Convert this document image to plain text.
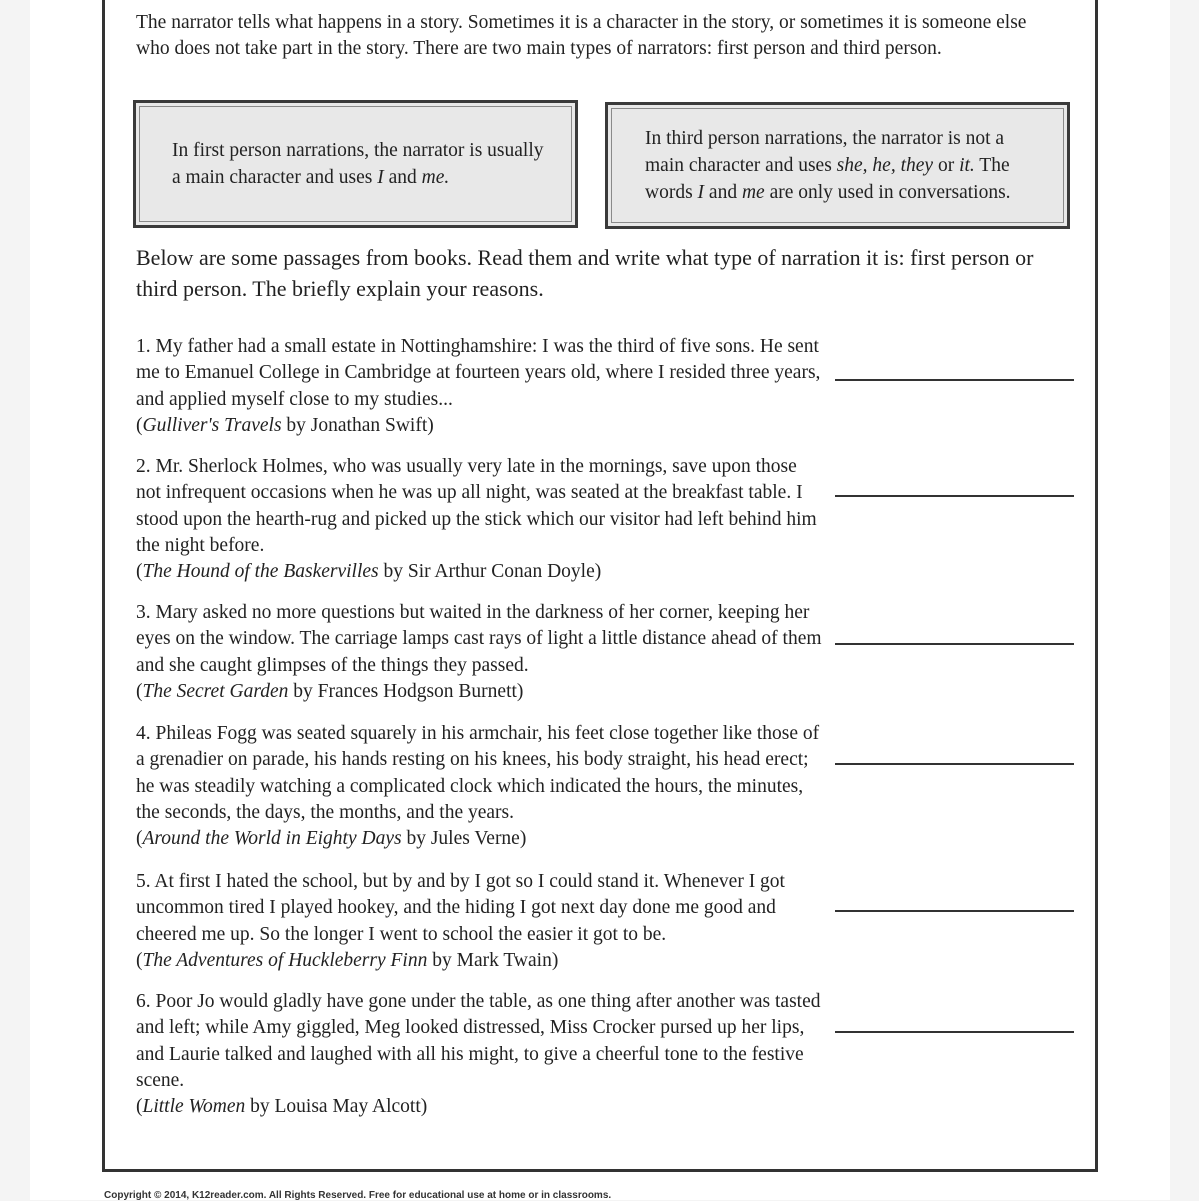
The narrator tells what happens in a story. Sometimes it is a character in the story, or sometimes it is someone else who does not take part in the story. There are two main types of narrators: first person and third person.

In first person narrations, the narrator is usually a main character and uses I and me.

In third person narrations, the narrator is not a main character and uses she, he, they or it. The words I and me are only used in conversations.

Below are some passages from books. Read them and write what type of narration it is: first person or third person. The briefly explain your reasons.

1. My father had a small estate in Nottinghamshire: I was the third of five sons. He sent me to Emanuel College in Cambridge at fourteen years old, where I resided three years, and applied myself close to my studies...

(Gulliver's Travels by Jonathan Swift)

2. Mr. Sherlock Holmes, who was usually very late in the mornings, save upon those not infrequent occasions when he was up all night, was seated at the breakfast table. I stood upon the hearth-rug and picked up the stick which our visitor had left behind him the night before.

(The Hound of the Baskervilles by Sir Arthur Conan Doyle)

3. Mary asked no more questions but waited in the darkness of her corner, keeping her eyes on the window. The carriage lamps cast rays of light a little distance ahead of them and she caught glimpses of the things they passed.

(The Secret Garden by Frances Hodgson Burnett)

4. Phileas Fogg was seated squarely in his armchair, his feet close together like those of a grenadier on parade, his hands resting on his knees, his body straight, his head erect; he was steadily watching a complicated clock which indicated the hours, the minutes, the seconds, the days, the months, and the years.

(Around the World in Eighty Days by Jules Verne)

5. At first I hated the school, but by and by I got so I could stand it. Whenever I got uncommon tired I played hookey, and the hiding I got next day done me good and cheered me up. So the longer I went to school the easier it got to be.

(The Adventures of Huckleberry Finn by Mark Twain)

6. Poor Jo would gladly have gone under the table, as one thing after another was tasted and left; while Amy giggled, Meg looked distressed, Miss Crocker pursed up her lips, and Laurie talked and laughed with all his might, to give a cheerful tone to the festive scene.

(Little Women by Louisa May Alcott)

Copyright © 2014, K12reader.com. All Rights Reserved. Free for educational use at home or in classrooms.
